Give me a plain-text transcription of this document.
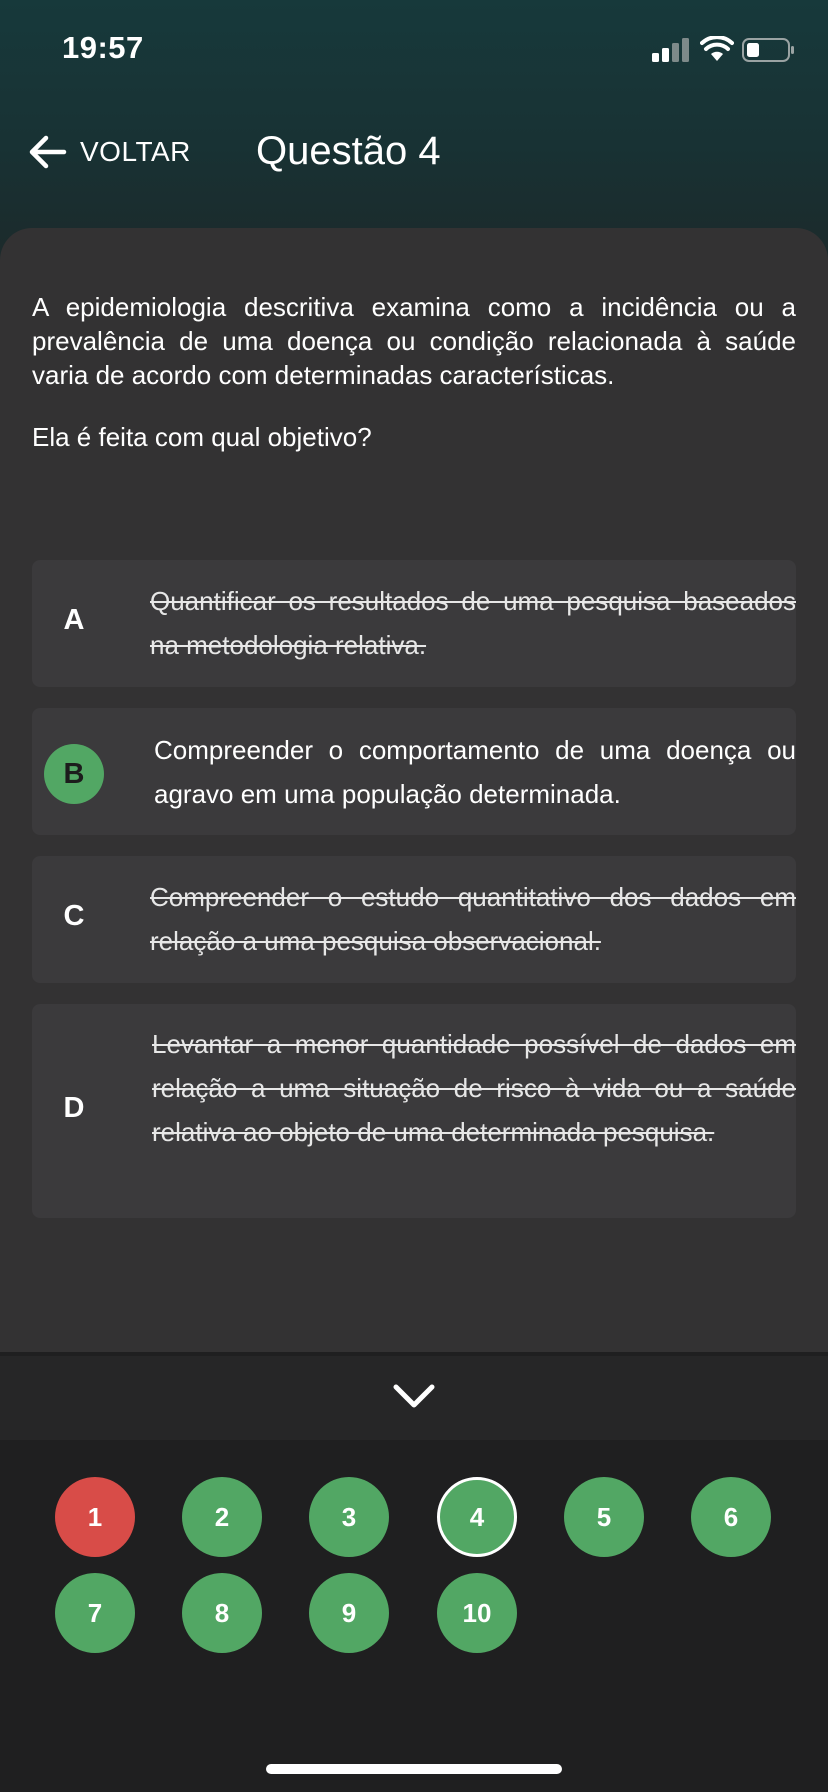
19:57
VOLTAR Questão 4
A epidemiologia descritiva examina como a incidência ou a prevalência de uma doença ou condição relacionada à saúde varia de acordo com determinadas características.
Ela é feita com qual objetivo?
A
Quantificar os resultados de uma pesquisa baseados na metodologia relativa.
B
Compreender o comportamento de uma doença ou agravo em uma população determinada.
C
Compreender o estudo quantitativo dos dados em relação a uma pesquisa observacional.
D
Levantar a menor quantidade possível de dados em relação a uma situação de risco à vida ou a saúde relativa ao objeto de uma determinada pesquisa.
1	2	3	4	5	6
7	8	9	10
